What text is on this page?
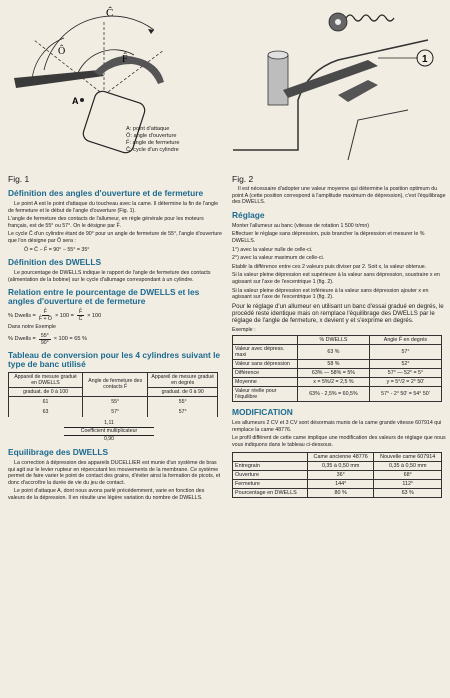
Ĉ
Ô
F̂
A
A: point d'attaque
Ô: angle d'ouverture
F̂: angle de fermeture
Ĉ: cycle d'un cylindre
Fig. 1
Définition des angles d'ouverture et de fermeture
Le point A est le point d'attaque du toucheau avec la came. Il détermine la fin de l'angle de fermeture et le début de l'angle d'ouverture (Fig. 1).
L'angle de fermeture des contacts de l'allumeur, en règle générale pour les moteurs français, est de 55° ou 57°. On le désigne par F̂.
Le cycle Ĉ d'un cylindre étant de 90° pour un angle de fermeture de 55°, l'angle d'ouverture que l'on désigne par Ô sera :
Ô = Ĉ − F̂ = 90° − 55° = 35°
Définition des DWELLS
Le pourcentage de DWELLS indique le rapport de l'angle de fermeture des contacts (alimentation de la bobine) sur le cycle d'allumage correspondant à un cylindre.
Relation entre le pourcentage de DWELLS et les angles d'ouverture et de fermeture
% Dwells = $\frac{F̂}{F̂ + Ô} \times 100 = \frac{F̂}{Ĉ} \times 100$
Dans notre Exemple
% Dwells = $\frac{55^\circ}{90^\circ} \times 100 = 65$ %
Tableau de conversion pour les 4 cylindres suivant le type de banc utilisé
Appareil de mesure gradué en DWELLS	Angle de fermeture des contacts F̂	Appareil de mesure gradué en degrés
graduat. de 0 à 100		graduat. de 0 à 90
61	55°	55°
63	57°	57°
1,11
Coefficient multiplicateur
0,90
Equilibrage des DWELLS
La correction à dépression des appareils DUCELLIER est munie d'un système de bras qui agit sur le levier rupteur en répercutant les mouvements de la membrane. Ce système permet de faire varier le point de contact des grains, d'éviter ainsi la formation de picots, et donc d'accroître la durée de vie du jeu de contact.
Le point d'attaque A, dont nous avons parlé précédemment, varie en fonction des valeurs de la dépression. Il en résulte une légère variation du nombre de DWELLS.
1
Fig. 2
Il est nécessaire d'adopter une valeur moyenne qui détermine la position optimum du point A (cette position correspond à l'amplitude maximum de dépression), c'est l'équilibrage des DWELLS.
Réglage
Monter l'allumeur au banc (vitesse de rotation 1 500 tr/mn)
Effectuer le réglage sans dépression, puis brancher la dépression et mesurer le % DWELLS.
1°) avec la valeur nulle de celle-ci.
2°) avec la valeur maximum de celle-ci.
Etablir la différence entre ces 2 valeurs puis diviser par 2. Soit x, la valeur obtenue.
Si la valeur pleine dépression est supérieure à la valeur sans dépression, soustraire x en agissant sur l'axe de l'excentrique 1 (fig. 2).
Si la valeur pleine dépression est inférieure à la valeur sans dépression ajouter x en agissant sur l'axe de l'excentrique 1 (fig. 2).
Pour le réglage d'un allumeur en utilisant un banc d'essai gradué en degrés, le procédé reste identique mais on remplace l'équilibrage des DWELLS par le réglage de l'angle de fermeture, x devient y et s'exprime en degrés.
Exemple :
	% DWELLS	Angle F̂ en degrés
Valeur avec dépress. maxi	63 %	57°
Valeur sans dépression	58 %	52°
Différence	63% — 58% = 5%	57° — 52° = 5°
Moyenne	x = 5%/2 = 2,5 %	y = 5°/2 = 2° 50'
Valeur réelle pour l'équilibre	63% - 2,5% = 60,5%	57° - 2° 50' = 54° 50'
MODIFICATION
Les allumeurs 2 CV et 3 CV sont désormais munis de la came grande vitesse 607914 qui remplace la came 48776.
Le profil différent de cette came implique une modification des valeurs de réglage que nous vous indiquons dans le tableau ci-dessous.
	Came ancienne 48776	Nouvelle came 607914
Entregrain	0,35 à 0,50 mm	0,35 à 0,50 mm
Ouverture	36°	68°
Fermeture	144°	112°
Pourcentage en DWELLS	80 %	63 %
